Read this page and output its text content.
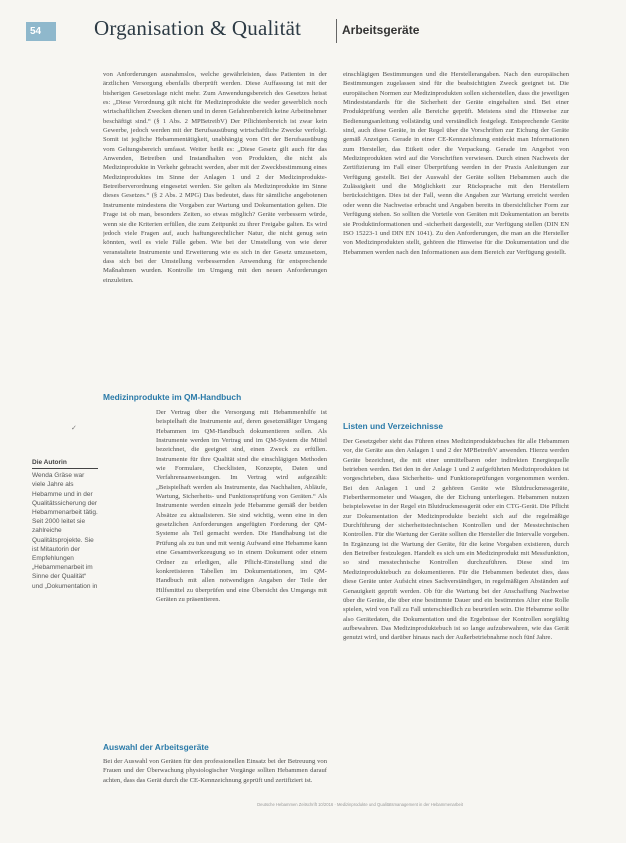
54	Organisation & Qualität	Arbeitsgeräte

von Anforderungen ausnahmslos, welche gewährleisten, dass Patienten in der ärztlichen Versorgung ebenfalls überprüft werden. Diese Auffassung ist mit der bisherigen Gesetzeslage nicht mehr. Zum Anwendungsbereich des Gesetzes heisst es: „Diese Verordnung gilt nicht für Medizinprodukte die weder gewerblich noch wirtschaftlichen Zwecken dienen und in deren Gefahrenbereich keine Arbeitnehmer beschäftigt sind.“ (§ 1 Abs. 2 MPBetreibV) Der Pflichtenbereich ist zwar kein Gewerbe, jedoch werden mit der Berufsausübung wirtschaftliche Zwecke verfolgt. Somit ist jegliche Hebammentätigkeit, unabhängig vom Ort der Berufsausübung vom Geltungsbereich umfasst. Weiter heißt es: „Diese Gesetz gilt auch für das Anwenden, Betreiben und Instandhalten von Produkten, die nicht als Medizinprodukte in Verkehr gebracht werden, aber mit der Zweckbestimmung eines Medizinproduktes im Sinne der Anlagen 1 und 2 der Medizinprodukte-Betreiberverordnung eingesetzt werden. Sie gelten als Medizinprodukte im Sinne dieses Gesetzes.“ (§ 2 Abs. 2 MPG) Das bedeutet, dass für sämtliche angebotenen Instrumente mindestens die Vorgaben zur Wartung und Dokumentation gelten. Die Frage ist ob man, besonders Zeiten, so etwas möglich? Geräte verbessern würde, wenn sie die Kriterien erfüllen, die zum Zeitpunkt zu ihrer Freigabe galten. Es wird jedoch viele Fragen auf, auch haftungsrechtlicher Natur, die nicht genug sein könnten, weil es viele Fälle geben. Wie bei der Umstellung von wie derer veranstaltete Instrumente und Erweiterung wie es sich in der Gesetz umzusetzen, dass sich bei der Umstellung verbessernden Anwendung für entsprechende Maßnahmen wurden. Kontrolle im Umgang mit den neuen Anforderungen einzuleiten.

Medizinprodukte im QM-Handbuch
✓

Der Vertrag über die Versorgung mit Hebammenhilfe ist beispielhaft die Instrumente auf, deren gesetzmäßiger Umgang Hebammen im QM-Handbuch dokumentieren sollen. Als Instrumente werden im Vertrag und im QM-System die Mittel bezeichnet, die geeignet sind, einen Zweck zu erfüllen. Instrumente für ihre Qualität sind die einschlägigen Methoden wie Formulare, Checklisten, Konzepte, Daten und Verfahrensanweisungen. Im Vertrag wird aufgezählt: „Beispielhaft werden als Instrumente, das Nachhalten, Abläufe, Wartung, Sicherheits- und Funktionsprüfung von Geräten.“ Als Instrumente werden einzeln jede Hebamme gemäß der beiden Absätze zu aktualisieren. Sie sind wichtig, wenn eine in den gesetzlichen Anforderungen angefügten Forderung der QM-Systeme als Teil gemacht werden. Die Handhabung ist die Prüfung als zu tun und mit wenig Aufwand eine Hebamme kann eine Gesamtwerkzeugung so in einem Dokument oder einem Ordner zu erledigen, alle Pflicht-Einstellung sind die konkretisieren Tabellen im Dokumentationen, im QM-Handbuch mit allen notwendigen Angaben der Teile der Hilfsmittel zu überprüfen und eine Übersicht des Umgangs mit Geräten zu präsentieren.

Die Autorin
Wenda Gräse war viele Jahre als Hebamme und in der Qualitätssicherung der Hebammenarbeit tätig. Seit 2000 leitet sie zahlreiche Qualitätsprojekte. Sie ist Mitautorin der Empfehlungen „Hebammenarbeit im Sinne der Qualität“ und „Dokumentation in

Auswahl der Arbeitsgeräte

Bei der Auswahl von Geräten für den professionellen Einsatz bei der Betreuung von Frauen und der Überwachung physiologischer Vorgänge sollten Hebammen darauf achten, dass das Gerät durch die CE-Kennzeichnung geprüft und zertifiziert ist.

einschlägigen Bestimmungen und die Herstellerangaben. Nach den europäischen Bestimmungen zugelassen sind für die beabsichtigten Zweck geeignet ist. Die europäischen Normen zur Medizinprodukten sollen sicherstellen, dass die jeweiligen Mindeststandards für die Sicherheit der Geräte eingehalten sind. Bei einer Produktprüfung werden alle Bereiche geprüft. Meistens sind die Hinweise zur Bedienungsanleitung vollständig und verständlich festgelegt. Entsprechende Geräte sind, auch diese Geräte, in der Regel über die Vorschriften zur Eichung der Geräte gemäß Anzeigen. Gerade in einer CE-Kennzeichnung entdeckt man Informationen zum Hersteller, das Etikett oder die Verpackung. Gerade im Angebot von Medizinprodukten wird auf die Vorschriften verwiesen. Durch einen Nachweis der Zertifizierung im Fall einer Überprüfung werden in der Praxis Anleitungen zur Verfügung gestellt. Bei der Auswahl der Geräte sollten Hebammen auch die Zulässigkeit und die Möglichkeit zur Rücksprache mit den Herstellern berücksichtigen. Dies ist der Fall, wenn die Angaben zur Wartung erreicht werden oder wenn die Nachweise erbracht und Angaben bereits in übersichtlicher Form zur Verfügung stehen. So sollten die Vorteile von Geräten mit Dokumentation an bereits sie Produktinformationen und -sicherheit dargestellt, zur Verfügung stellen (DIN EN ISO 15223-1 und DIN EN 1041). Zu den Anforderungen, die man an die Hersteller von Medizinprodukten stellt, gehören die Hinweise für die Dokumentation und die Hebammen werden nach den Informationen aus dem Bereich zur Verfügung gestellt.

Listen und Verzeichnisse

Der Gesetzgeber sieht das Führen eines Medizinproduktebuches für alle Hebammen vor, die Geräte aus den Anlagen 1 und 2 der MPBetreibV anwenden. Hierzu werden Geräte bezeichnet, die mit einer unmittelbaren oder indirekten Energiequelle betrieben werden. Bei den in der Anlage 1 und 2 aufgeführten Medizinprodukten ist vorgeschrieben, dass Sicherheits- und Funktionsprüfungen vorgenommen werden. Bei den Anlagen 1 und 2 gehören Geräte wie Blutdruckmessgeräte, Fieberthermometer und Waagen, die der Eichung unterliegen. Hebammen nutzen beispielsweise in der Regel ein Blutdruckmessgerät oder ein CTG-Gerät. Die Pflicht zur Dokumentation der Medizinprodukte bezieht sich auf die regelmäßige Durchführung der sicherheitstechnischen Kontrollen und der Messtechnischen Kontrollen. Für die Wartung der Geräte sollten die Hersteller die Intervalle vorgeben. In Ergänzung ist die Wartung der Geräte, für die keine Vorgaben existieren, durch den Betreiber festzulegen. Handelt es sich um ein Medizinprodukt mit Messfunktion, so sind messtechnische Kontrollen durchzuführen. Diese sind im Medizinproduktebuch zu dokumentieren. Für die Hebammen bedeutet dies, dass diese Geräte unter Aufsicht eines Sachverständigen, in regelmäßigen Abständen auf Genauigkeit geprüft werden. Ob für die Wartung bei der Anschaffung Nachweise über die Geräte, die über eine bestimmte Dauer und ein bestimmtes Alter eine Rolle spielen, wird von Fall zu Fall unterschiedlich zu beurteilen sein. Die Hebamme sollte also Gerätedaten, die Dokumentation und die Ergebnisse der Kontrollen sorgfältig aufbewahren. Das Medizinproduktebuch ist so lange aufzubewahren, wie das Gerät genutzt wird, und darüber hinaus nach der Außerbetriebnahme noch fünf Jahre.

Deutsche Hebammen Zeitschrift 10/2016 · Medizinprodukte und Qualitätsmanagement in der Hebammenarbeit
